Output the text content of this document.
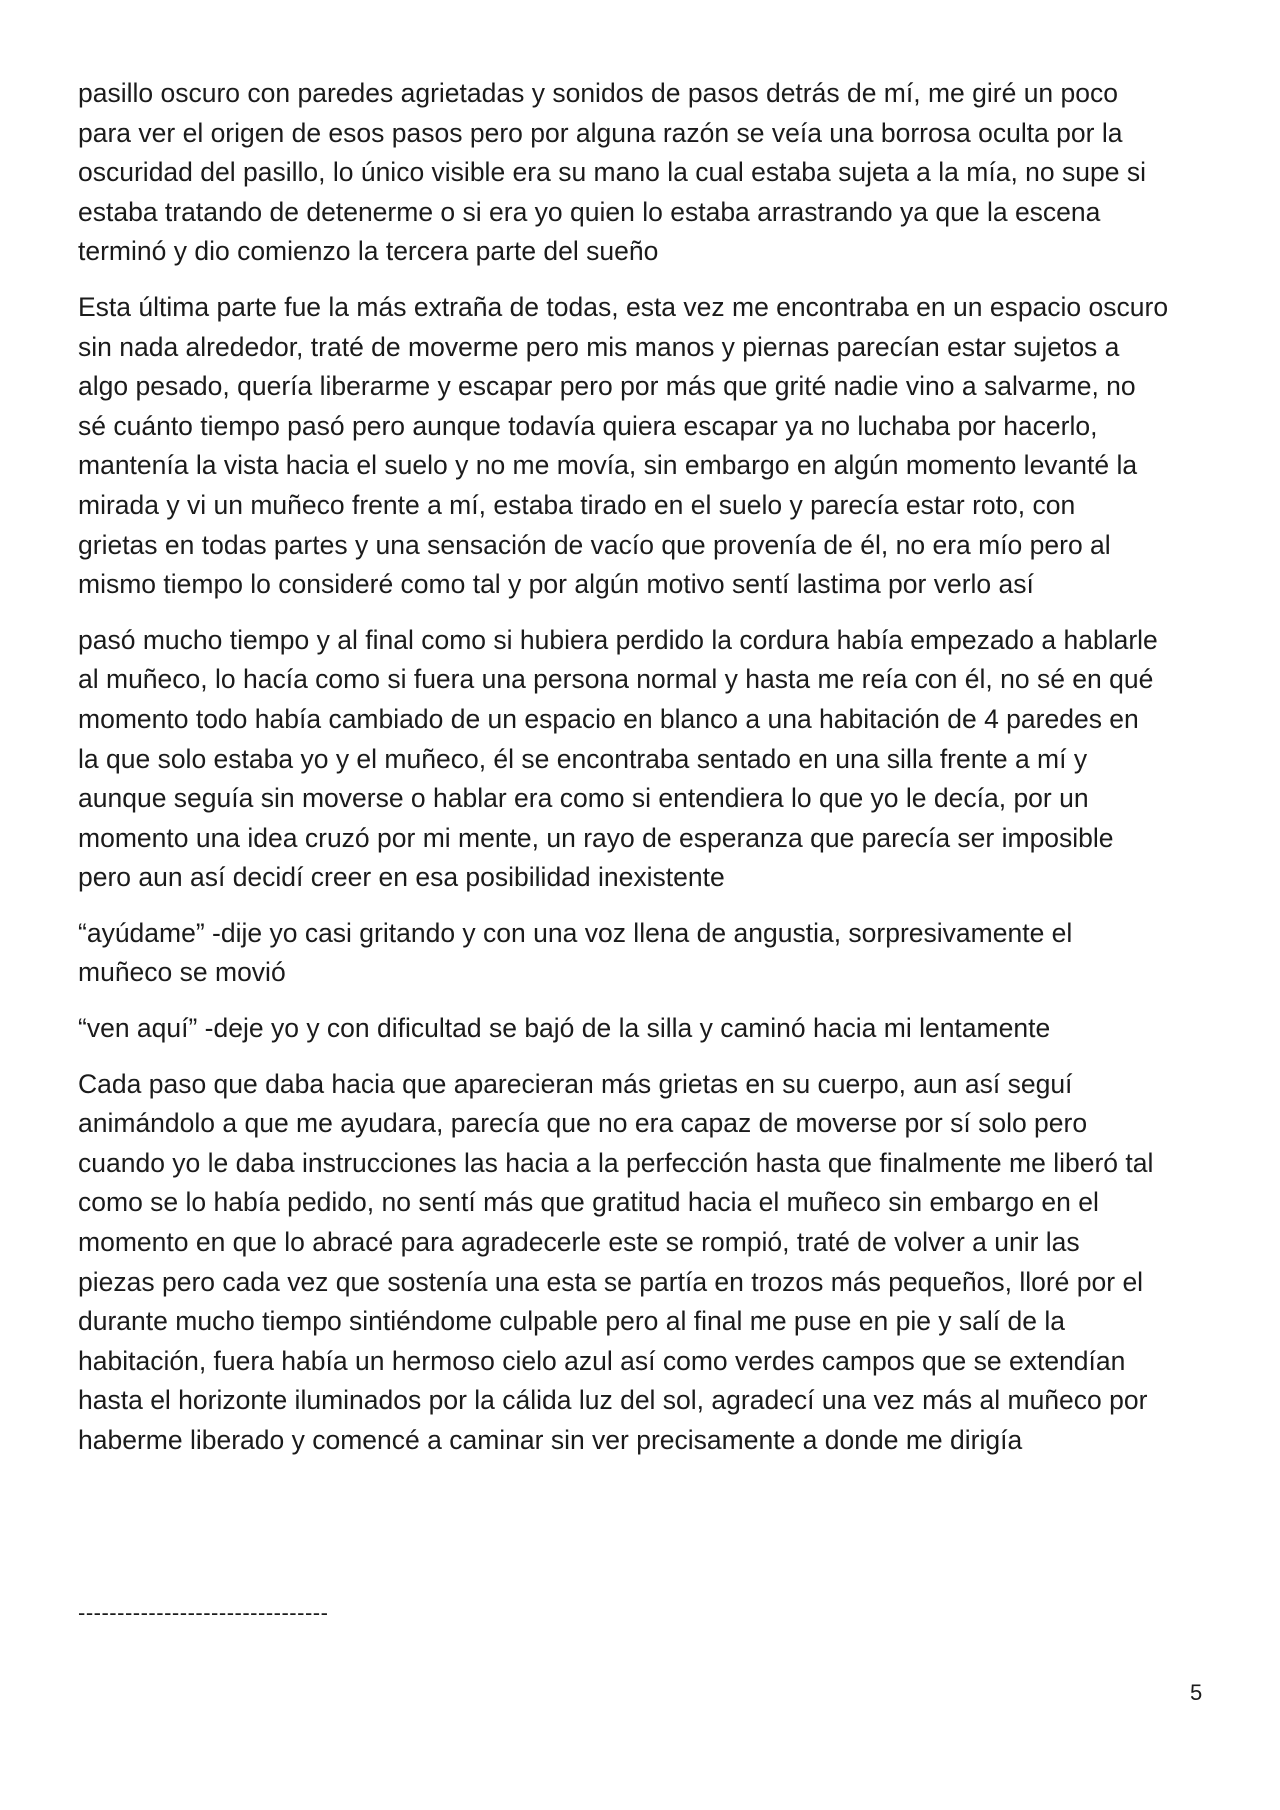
pasillo oscuro con paredes agrietadas y sonidos de pasos detrás de mí, me giré un poco
para ver el origen de esos pasos pero por alguna razón se veía una borrosa oculta por la
oscuridad del pasillo, lo único visible era su mano la cual estaba sujeta a la mía, no supe si
estaba tratando de detenerme o si era yo quien lo estaba arrastrando ya que la escena
terminó y dio comienzo la tercera parte del sueño

Esta última parte fue la más extraña de todas, esta vez me encontraba en un espacio oscuro
sin nada alrededor, traté de moverme pero mis manos y piernas parecían estar sujetos a
algo pesado, quería liberarme y escapar pero por más que grité nadie vino a salvarme, no
sé cuánto tiempo pasó pero aunque todavía quiera escapar ya no luchaba por hacerlo,
mantenía la vista hacia el suelo y no me movía, sin embargo en algún momento levanté la
mirada y vi un muñeco frente a mí, estaba tirado en el suelo y parecía estar roto, con
grietas en todas partes y una sensación de vacío que provenía de él, no era mío pero al
mismo tiempo lo consideré como tal y por algún motivo sentí lastima por verlo así

pasó mucho tiempo y al final como si hubiera perdido la cordura había empezado a hablarle
al muñeco, lo hacía como si fuera una persona normal y hasta me reía con él, no sé en qué
momento todo había cambiado de un espacio en blanco a una habitación de 4 paredes en
la que solo estaba yo y el muñeco, él se encontraba sentado en una silla frente a mí y
aunque seguía sin moverse o hablar era como si entendiera lo que yo le decía, por un
momento una idea cruzó por mi mente, un rayo de esperanza que parecía ser imposible
pero aun así decidí creer en esa posibilidad inexistente

“ayúdame” -dije yo casi gritando y con una voz llena de angustia, sorpresivamente el
muñeco se movió

“ven aquí” -deje yo y con dificultad se bajó de la silla y caminó hacia mi lentamente

Cada paso que daba hacia que aparecieran más grietas en su cuerpo, aun así seguí
animándolo a que me ayudara, parecía que no era capaz de moverse por sí solo pero
cuando yo le daba instrucciones las hacia a la perfección hasta que finalmente me liberó tal
como se lo había pedido, no sentí más que gratitud hacia el muñeco sin embargo en el
momento en que lo abracé para agradecerle este se rompió, traté de volver a unir las
piezas pero cada vez que sostenía una esta se partía en trozos más pequeños, lloré por el
durante mucho tiempo sintiéndome culpable pero al final me puse en pie y salí de la
habitación, fuera había un hermoso cielo azul así como verdes campos que se extendían
hasta el horizonte iluminados por la cálida luz del sol, agradecí una vez más al muñeco por
haberme liberado y comencé a caminar sin ver precisamente a donde me dirigía

--------------------------------
5
